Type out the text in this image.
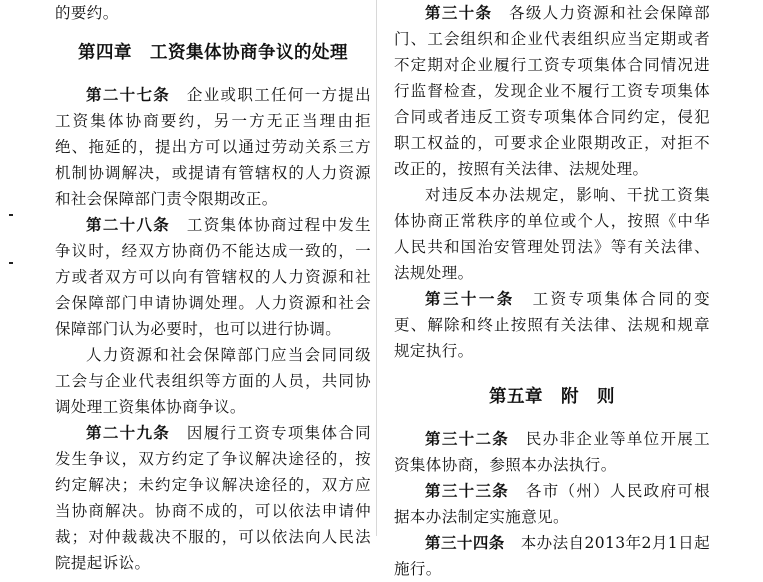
的要约。

第四章　工资集体协商争议的处理

第二十七条　 企业或职工任何一方提出工资集体协商要约，另一方无正当理由拒绝、拖延的，提出方可以通过劳动关系三方机制协调解决，或提请有管辖权的人力资源和社会保障部门责令限期改正。

第二十八条　 工资集体协商过程中发生争议时，经双方协商仍不能达成一致的，一方或者双方可以向有管辖权的人力资源和社会保障部门申请协调处理。人力资源和社会保障部门认为必要时，也可以进行协调。

人力资源和社会保障部门应当会同同级工会与企业代表组织等方面的人员，共同协调处理工资集体协商争议。

第二十九条　 因履行工资专项集体合同发生争议，双方约定了争议解决途径的，按约定解决；未约定争议解决途径的，双方应当协商解决。协商不成的，可以依法申请仲裁；对仲裁裁决不服的，可以依法向人民法院提起诉讼。

第三十条　 各级人力资源和社会保障部门、工会组织和企业代表组织应当定期或者不定期对企业履行工资专项集体合同情况进行监督检查，发现企业不履行工资专项集体合同或者违反工资专项集体合同约定，侵犯职工权益的，可要求企业限期改正，对拒不改正的，按照有关法律、法规处理。

对违反本办法规定，影响、干扰工资集体协商正常秩序的单位或个人，按照《中华人民共和国治安管理处罚法》等有关法律、法规处理。

第三十一条　 工资专项集体合同的变更、解除和终止按照有关法律、法规和规章规定执行。

第五章　附　则

第三十二条　 民办非企业等单位开展工资集体协商，参照本办法执行。

第三十三条　 各市（州）人民政府可根据本办法制定实施意见。

第三十四条　 本办法自2013年2月1日起施行。
